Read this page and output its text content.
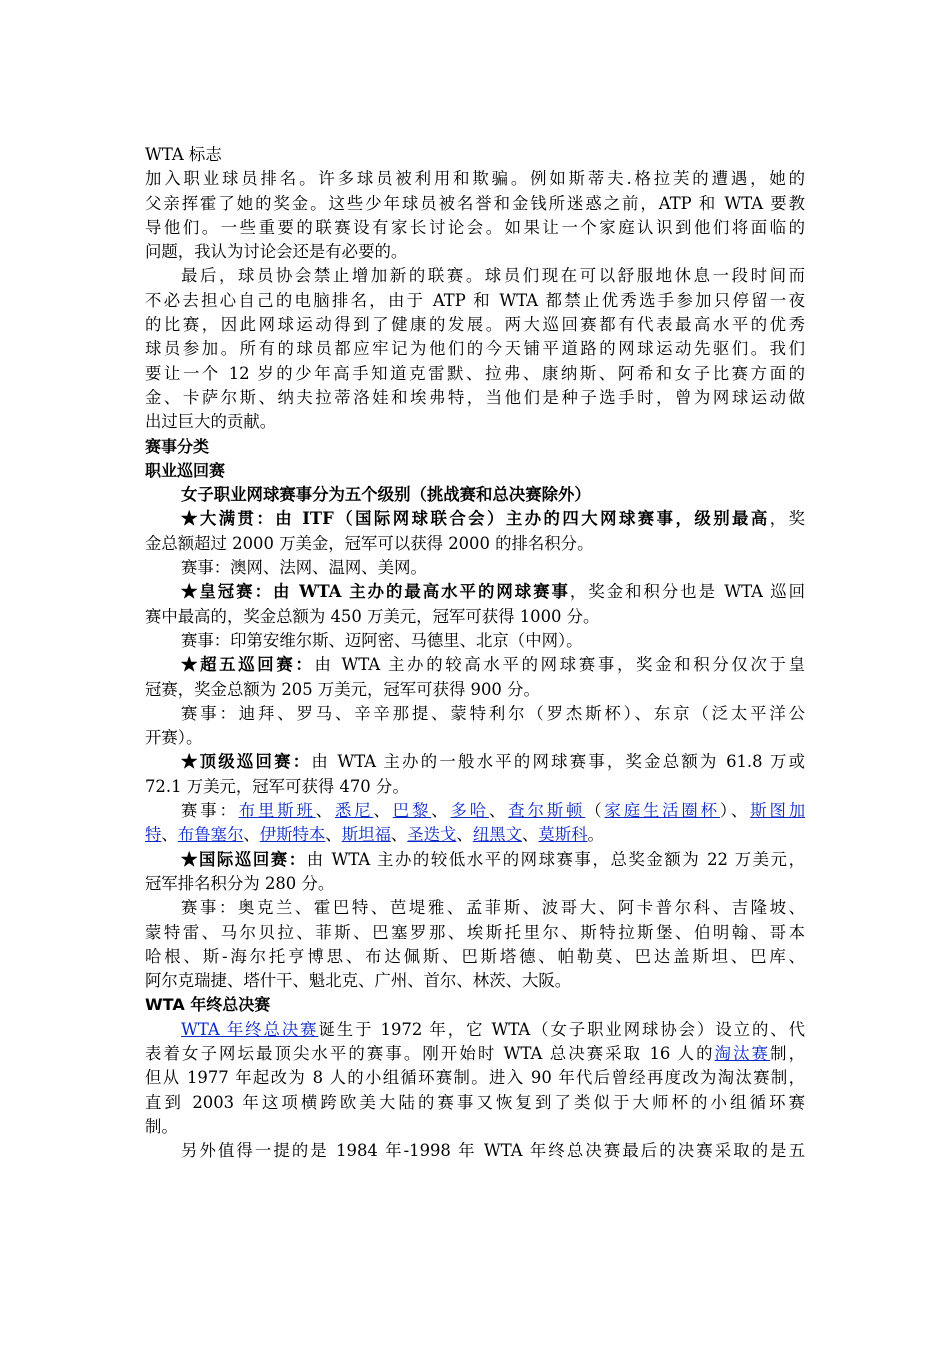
WTA 标志
加入职业球员排名。许多球员被利用和欺骗。例如斯蒂夫.格拉芙的遭遇，她的
父亲挥霍了她的奖金。这些少年球员被名誉和金钱所迷惑之前，ATP 和 WTA 要教
导他们。一些重要的联赛设有家长讨论会。如果让一个家庭认识到他们将面临的
问题，我认为讨论会还是有必要的。
最后，球员协会禁止增加新的联赛。球员们现在可以舒服地休息一段时间而
不必去担心自己的电脑排名，由于 ATP 和 WTA 都禁止优秀选手参加只停留一夜
的比赛，因此网球运动得到了健康的发展。两大巡回赛都有代表最高水平的优秀
球员参加。所有的球员都应牢记为他们的今天铺平道路的网球运动先驱们。我们
要让一个 12 岁的少年高手知道克雷默、拉弗、康纳斯、阿希和女子比赛方面的
金、卡萨尔斯、纳夫拉蒂洛娃和埃弗特，当他们是种子选手时，曾为网球运动做
出过巨大的贡献。
赛事分类
职业巡回赛
女子职业网球赛事分为五个级别（挑战赛和总决赛除外）
★大满贯：由 ITF（国际网球联合会）主办的四大网球赛事，级别最高，奖
金总额超过 2000 万美金，冠军可以获得 2000 的排名积分。
赛事：澳网、法网、温网、美网。
★皇冠赛：由 WTA 主办的最高水平的网球赛事，奖金和积分也是 WTA 巡回
赛中最高的，奖金总额为 450 万美元，冠军可获得 1000 分。
赛事：印第安维尔斯、迈阿密、马德里、北京（中网）。
★超五巡回赛：由 WTA 主办的较高水平的网球赛事，奖金和积分仅次于皇
冠赛，奖金总额为 205 万美元，冠军可获得 900 分。
赛事：迪拜、罗马、辛辛那提、蒙特利尔（罗杰斯杯）、东京（泛太平洋公
开赛）。
★顶级巡回赛：由 WTA 主办的一般水平的网球赛事，奖金总额为 61.8 万或
72.1 万美元，冠军可获得 470 分。
赛事：布里斯班、悉尼、巴黎、多哈、查尔斯顿（家庭生活圈杯）、斯图加
特、布鲁塞尔、伊斯特本、斯坦福、圣迭戈、纽黑文、莫斯科。
★国际巡回赛：由 WTA 主办的较低水平的网球赛事，总奖金额为 22 万美元，
冠军排名积分为 280 分。
赛事：奥克兰、霍巴特、芭堤雅、孟菲斯、波哥大、阿卡普尔科、吉隆坡、
蒙特雷、马尔贝拉、菲斯、巴塞罗那、埃斯托里尔、斯特拉斯堡、伯明翰、哥本
哈根、斯-海尔托亨博思、布达佩斯、巴斯塔德、帕勒莫、巴达盖斯坦、巴库、
阿尔克瑞捷、塔什干、魁北克、广州、首尔、林茨、大阪。
WTA 年终总决赛
WTA 年终总决赛诞生于 1972 年，它 WTA（女子职业网球协会）设立的、代
表着女子网坛最顶尖水平的赛事。刚开始时 WTA 总决赛采取 16 人的淘汰赛制，
但从 1977 年起改为 8 人的小组循环赛制。进入 90 年代后曾经再度改为淘汰赛制，
直到 2003 年这项横跨欧美大陆的赛事又恢复到了类似于大师杯的小组循环赛
制。
另外值得一提的是 1984 年-1998 年 WTA 年终总决赛最后的决赛采取的是五
